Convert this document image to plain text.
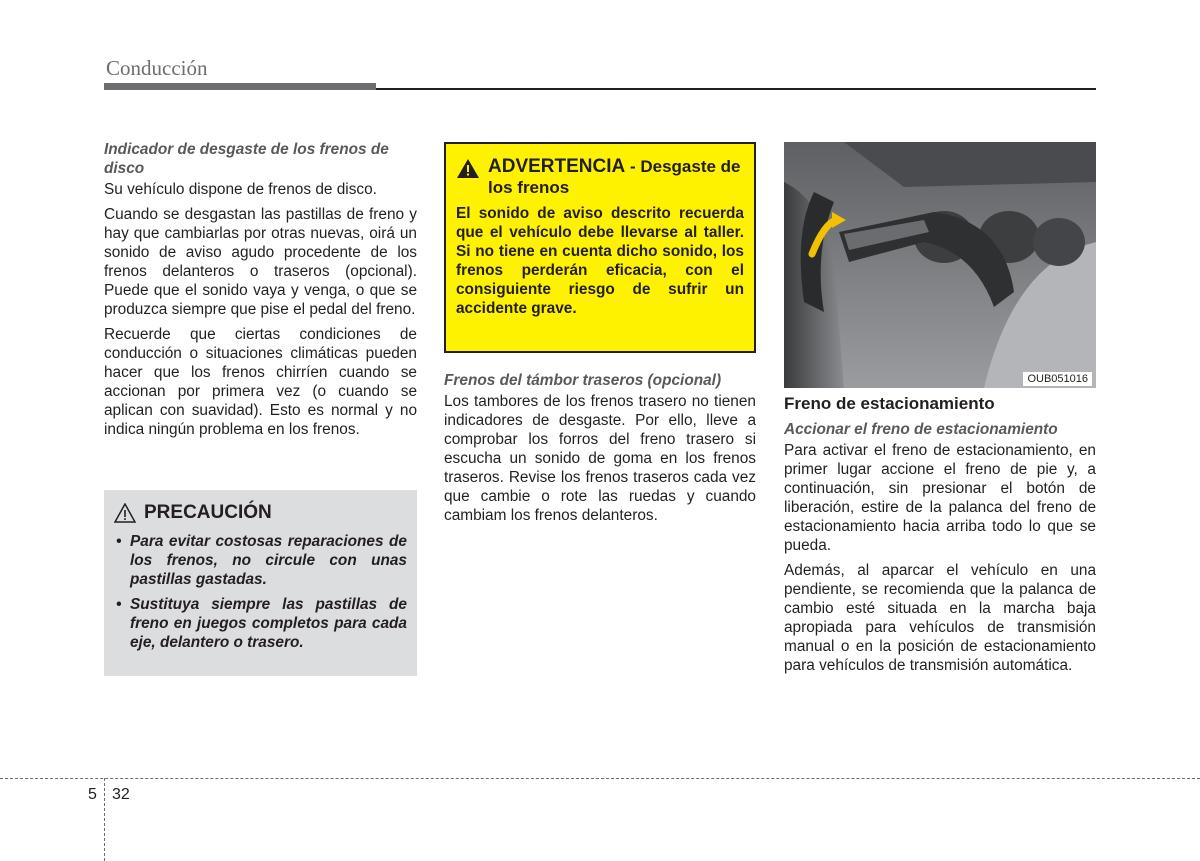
Conducción
Indicador de desgaste de los frenos de disco

Su vehículo dispone de frenos de disco.

Cuando se desgastan las pastillas de freno y hay que cambiarlas por otras nuevas, oirá un sonido de aviso agudo procedente de los frenos delanteros o traseros (opcional). Puede que el sonido vaya y venga, o que se produzca siempre que pise el pedal del freno.

Recuerde que ciertas condiciones de conducción o situaciones climáticas pueden hacer que los frenos chirríen cuando se accionan por primera vez (o cuando se aplican con suavidad). Esto es normal y no indica ningún problema en los frenos.

PRECAUCIÓN
• Para evitar costosas reparaciones de los frenos, no circule con unas pastillas gastadas.
• Sustituya siempre las pastillas de freno en juegos completos para cada eje, delantero o trasero.
ADVERTENCIA - Desgaste de los frenos
El sonido de aviso descrito recuerda que el vehículo debe llevarse al taller. Si no tiene en cuenta dicho sonido, los frenos perderán eficacia, con el consiguiente riesgo de sufrir un accidente grave.
Frenos del támbor traseros (opcional)

Los tambores de los frenos trasero no tienen indicadores de desgaste. Por ello, lleve a comprobar los forros del freno trasero si escucha un sonido de goma en los frenos traseros. Revise los frenos traseros cada vez que cambie o rote las ruedas y cuando cambiam los frenos delanteros.

OUB051016
Freno de estacionamiento
Accionar el freno de estacionamiento

Para activar el freno de estacionamiento, en primer lugar accione el freno de pie y, a continuación, sin presionar el botón de liberación, estire de la palanca del freno de estacionamiento hacia arriba todo lo que se pueda.

Además, al aparcar el vehículo en una pendiente, se recomienda que la palanca de cambio esté situada en la marcha baja apropiada para vehículos de transmisión manual o en la posición de estacionamiento para vehículos de transmisión automática.

5 32
